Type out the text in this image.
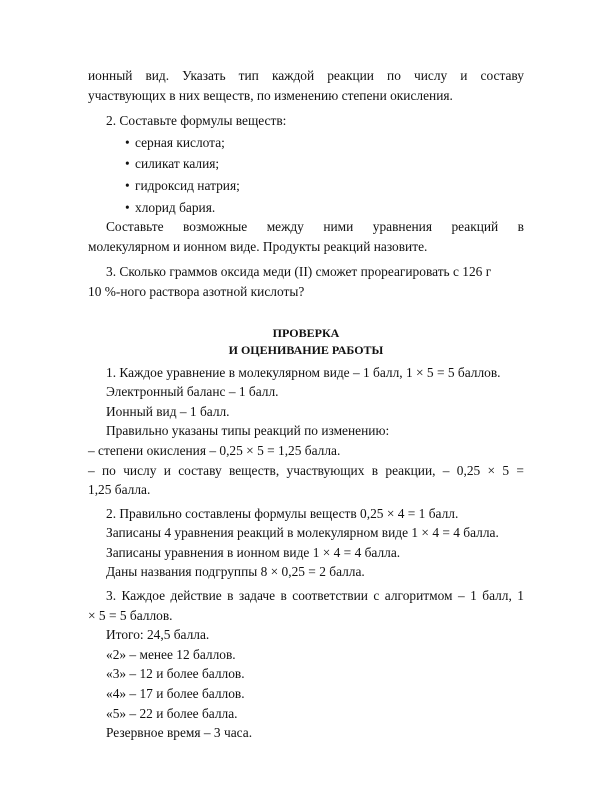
ионный вид. Указать тип каждой реакции по числу и составу
участвующих в них веществ, по изменению степени окисления.
2. Составьте формулы веществ:
• серная кислота;
• силикат калия;
• гидроксид натрия;
• хлорид бария.
Составьте возможные между ними уравнения реакций в
молекулярном и ионном виде. Продукты реакций назовите.
3. Сколько граммов оксида меди (II) сможет прореагировать с 126 г
10 %-ного раствора азотной кислоты?
ПРОВЕРКА
И ОЦЕНИВАНИЕ РАБОТЫ
1. Каждое уравнение в молекулярном виде – 1 балл, 1 × 5 = 5 баллов.
Электронный баланс – 1 балл.
Ионный вид – 1 балл.
Правильно указаны типы реакций по изменению:
– степени окисления – 0,25 × 5 = 1,25 балла.
– по числу и составу веществ, участвующих в реакции, – 0,25 × 5 =
1,25 балла.
2. Правильно составлены формулы веществ 0,25 × 4 = 1 балл.
Записаны 4 уравнения реакций в молекулярном виде 1 × 4 = 4 балла.
Записаны уравнения в ионном виде 1 × 4 = 4 балла.
Даны названия подгруппы 8 × 0,25 = 2 балла.
3. Каждое действие в задаче в соответствии с алгоритмом – 1 балл, 1
× 5 = 5 баллов.
Итого: 24,5 балла.
«2» – менее 12 баллов.
«3» – 12 и более баллов.
«4» – 17 и более баллов.
«5» – 22 и более балла.
Резервное время – 3 часа.
